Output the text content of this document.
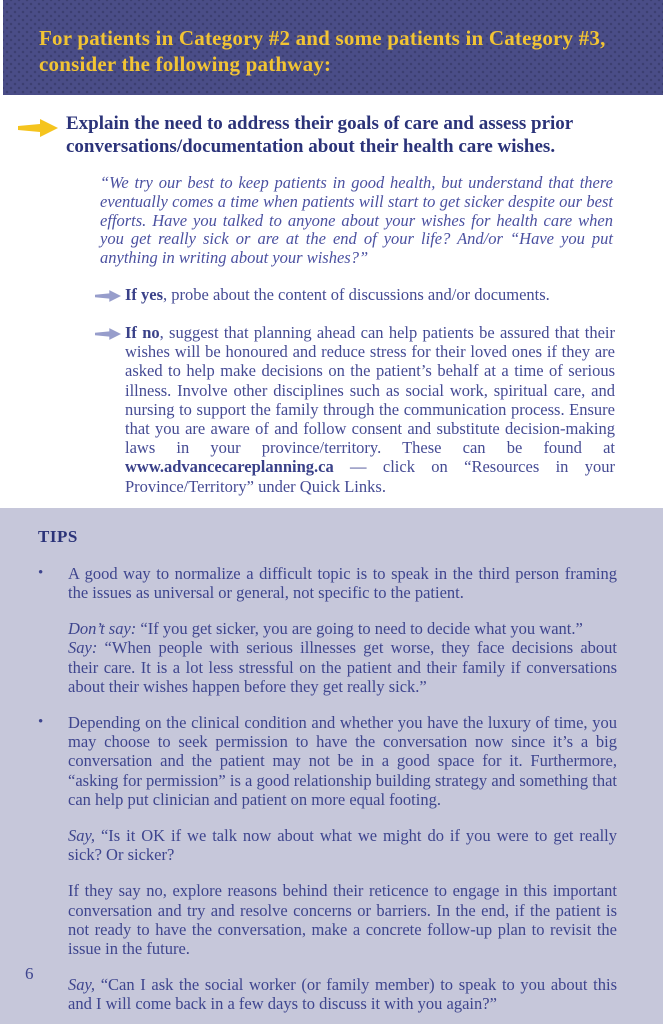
For patients in Category #2 and some patients in Category #3,
consider the following pathway:
Explain the need to address their goals of care and assess prior conversations/documentation about their health care wishes.
“We try our best to keep patients in good health, but understand that there eventually comes a time when patients will start to get sicker despite our best efforts. Have you talked to anyone about your wishes for health care when you get really sick or are at the end of your life? And/or “Have you put anything in writing about your wishes?”
If yes, probe about the content of discussions and/or documents.
If no, suggest that planning ahead can help patients be assured that their wishes will be honoured and reduce stress for their loved ones if they are asked to help make decisions on the patient’s behalf at a time of serious illness. Involve other disciplines such as social work, spiritual care, and nursing to support the family through the communication process. Ensure that you are aware of and follow consent and substitute decision-making laws in your province/territory. These can be found at www.advancecareplanning.ca — click on “Resources in your Province/Territory” under Quick Links.
TIPS
•	A good way to normalize a difficult topic is to speak in the third person framing the issues as universal or general, not specific to the patient.
Don’t say: “If you get sicker, you are going to need to decide what you want.”
Say: “When people with serious illnesses get worse, they face decisions about their care. It is a lot less stressful on the patient and their family if conversations about their wishes happen before they get really sick.”
•	Depending on the clinical condition and whether you have the luxury of time, you may choose to seek permission to have the conversation now since it’s a big conversation and the patient may not be in a good space for it. Furthermore, “asking for permission” is a good relationship building strategy and something that can help put clinician and patient on more equal footing.
Say, “Is it OK if we talk now about what we might do if you were to get really sick? Or sicker?
If they say no, explore reasons behind their reticence to engage in this important conversation and try and resolve concerns or barriers. In the end, if the patient is not ready to have the conversation, make a concrete follow-up plan to revisit the issue in the future.
Say, “Can I ask the social worker (or family member) to speak to you about this and I will come back in a few days to discuss it with you again?”
6
